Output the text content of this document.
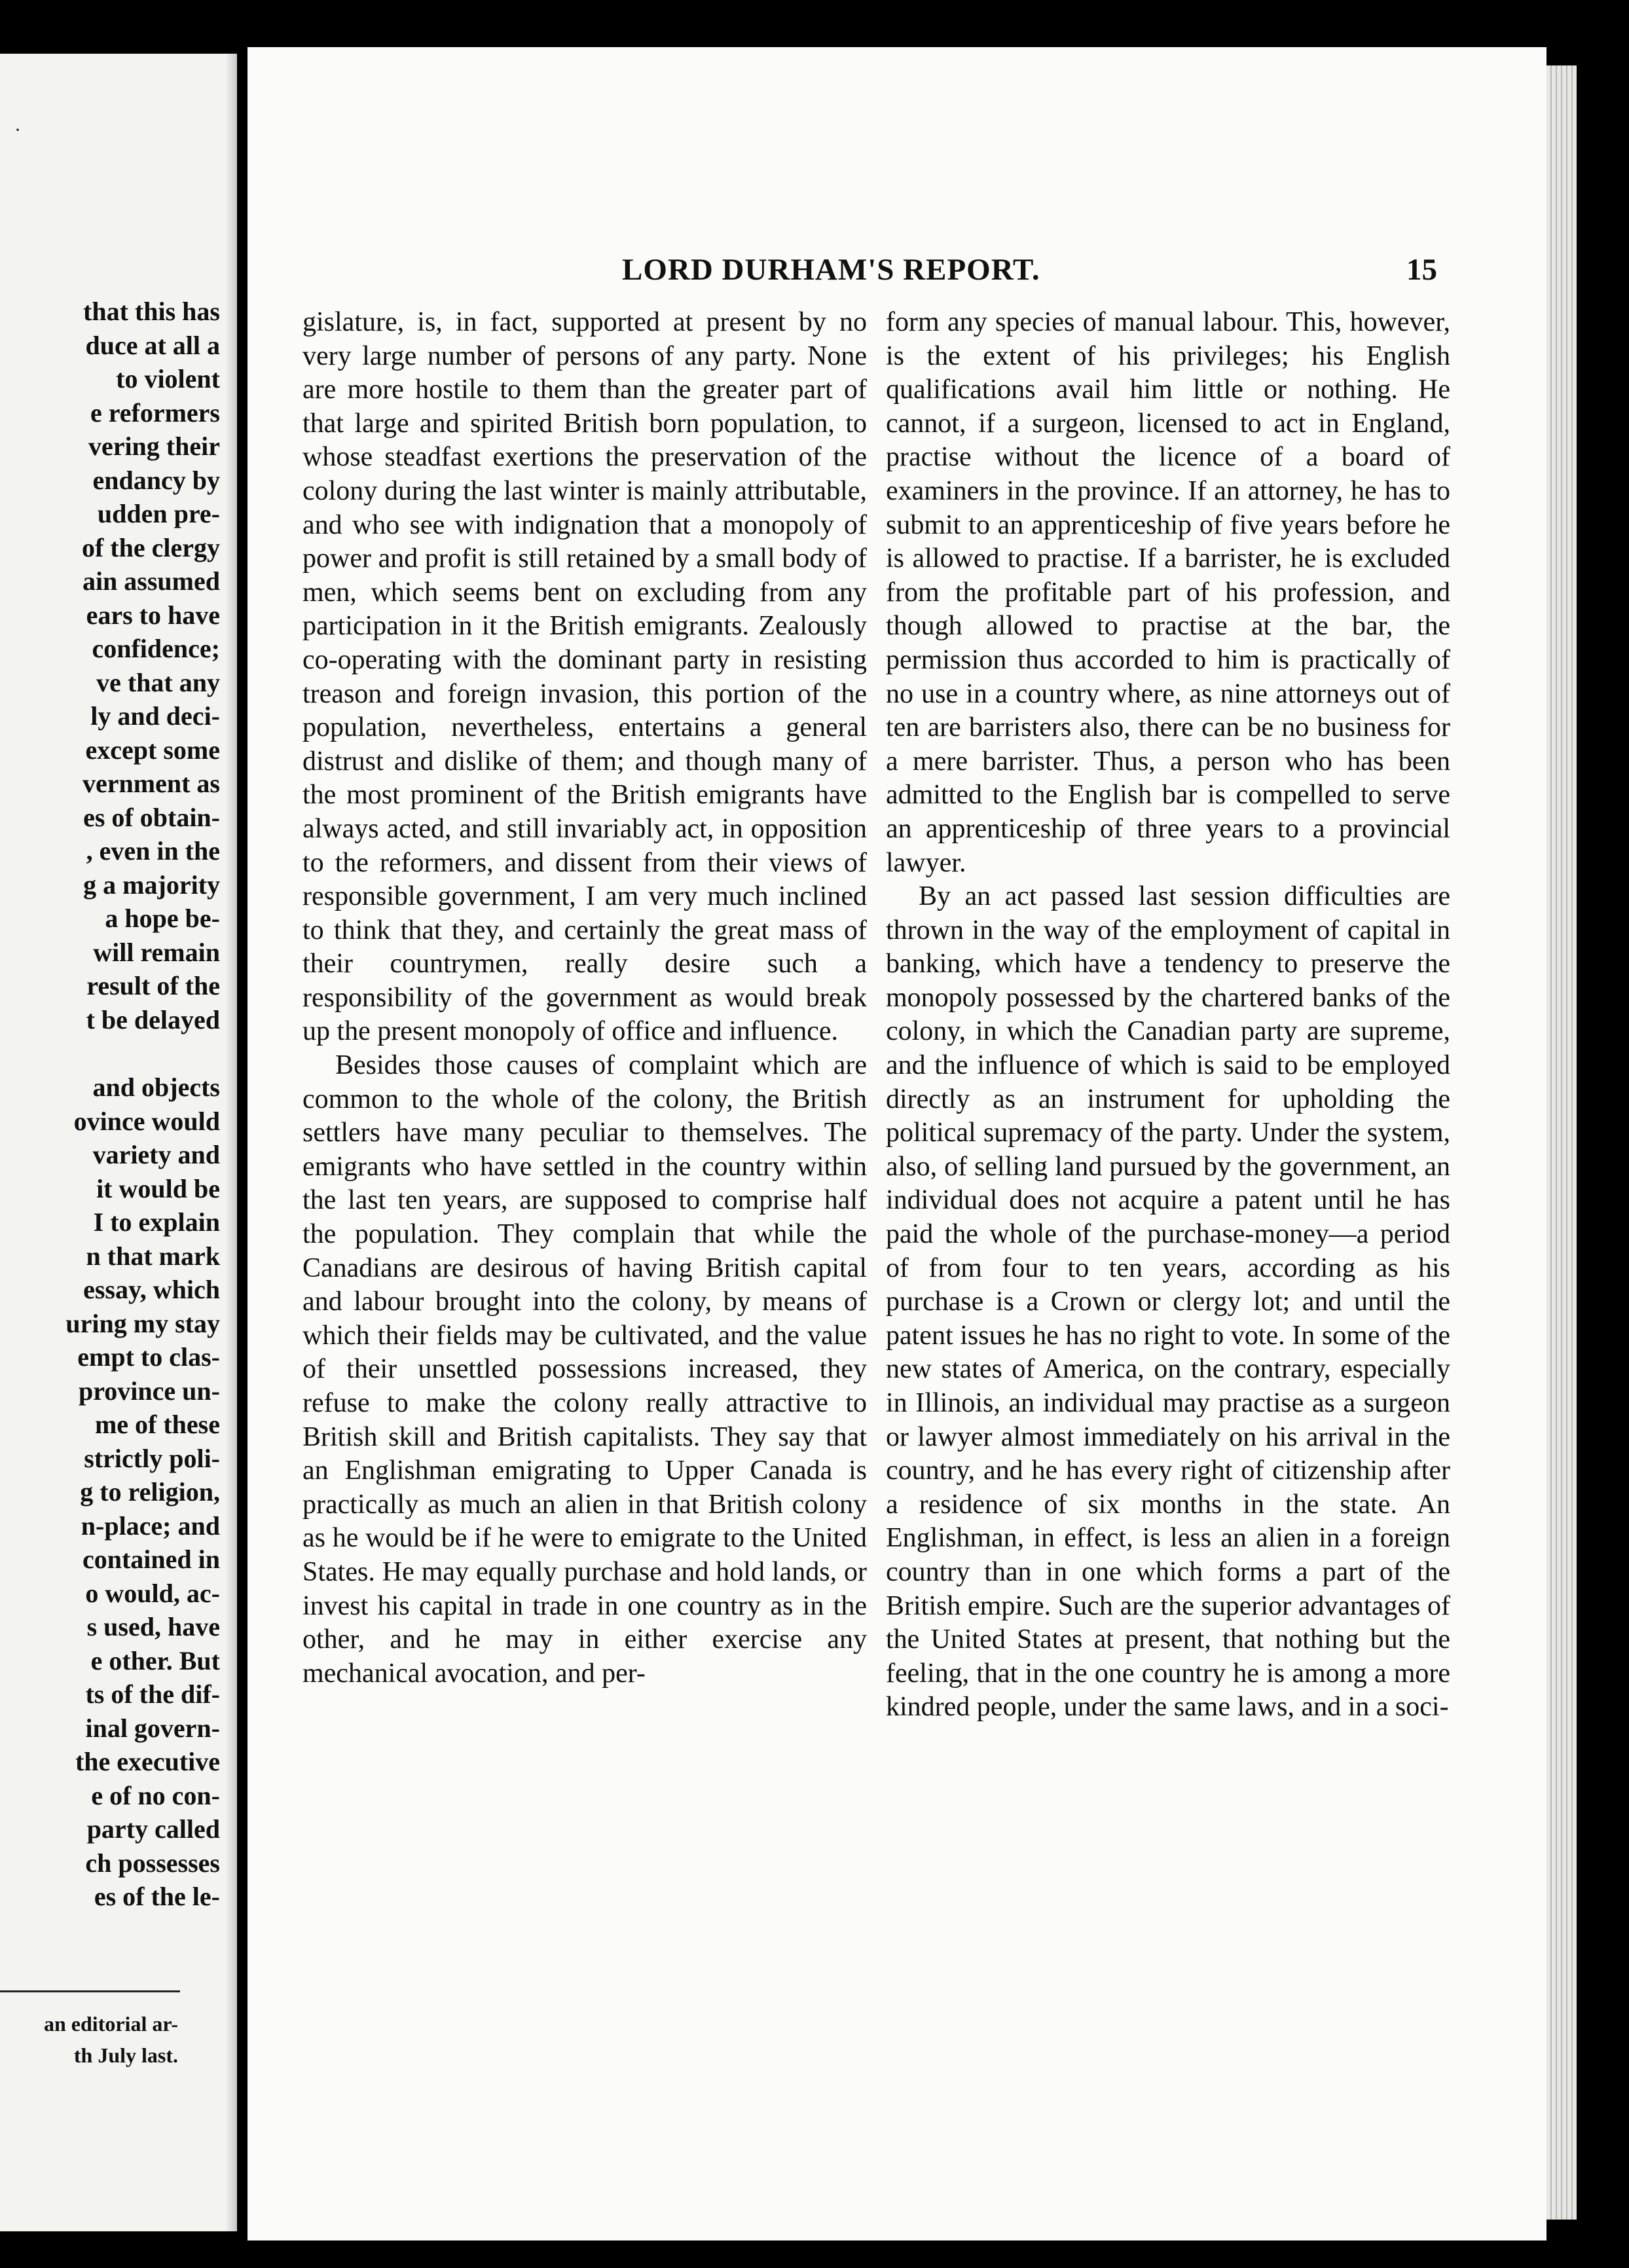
·
that this has
duce at all a
to violent
e reformers
vering their
endancy by
udden pre-
of the clergy
ain assumed
ears to have
confidence;
ve that any
ly and deci-
except some
vernment as
es of obtain-
, even in the
g a majority
a hope be-
will remain
result of the
t be delayed
and objects
ovince would
variety and
it would be
I to explain
n that mark
essay, which
uring my stay
empt to clas-
province un-
me of these
strictly poli-
g to religion,
n-place; and
contained in
o would, ac-
s used, have
e other. But
ts of the dif-
inal govern-
the executive
e of no con-
party called
ch possesses
es of the le-
an editorial ar-
th July last.
LORD DURHAM'S REPORT.	15

gislature, is, in fact, supported at present by no very large number of persons of any party. None are more hostile to them than the greater part of that large and spirited British born population, to whose steadfast exertions the preservation of the colony during the last winter is mainly attributable, and who see with indignation that a monopoly of power and profit is still retained by a small body of men, which seems bent on excluding from any participation in it the British emigrants. Zealously co-operating with the dominant party in resisting treason and foreign invasion, this portion of the population, nevertheless, entertains a general distrust and dislike of them; and though many of the most prominent of the British emigrants have always acted, and still invariably act, in opposition to the reformers, and dissent from their views of responsible government, I am very much inclined to think that they, and certainly the great mass of their countrymen, really desire such a responsibility of the government as would break up the present monopoly of office and influence.

Besides those causes of complaint which are common to the whole of the colony, the British settlers have many peculiar to themselves. The emigrants who have settled in the country within the last ten years, are supposed to comprise half the population. They complain that while the Canadians are desirous of having British capital and labour brought into the colony, by means of which their fields may be cultivated, and the value of their unsettled possessions increased, they refuse to make the colony really attractive to British skill and British capitalists. They say that an Englishman emigrating to Upper Canada is practically as much an alien in that British colony as he would be if he were to emigrate to the United States. He may equally purchase and hold lands, or invest his capital in trade in one country as in the other, and he may in either exercise any mechanical avocation, and per-

form any species of manual labour. This, however, is the extent of his privileges; his English qualifications avail him little or nothing. He cannot, if a surgeon, licensed to act in England, practise without the licence of a board of examiners in the province. If an attorney, he has to submit to an apprenticeship of five years before he is allowed to practise. If a barrister, he is excluded from the profitable part of his profession, and though allowed to practise at the bar, the permission thus accorded to him is practically of no use in a country where, as nine attorneys out of ten are barristers also, there can be no business for a mere barrister. Thus, a person who has been admitted to the English bar is compelled to serve an apprenticeship of three years to a provincial lawyer.

By an act passed last session difficulties are thrown in the way of the employment of capital in banking, which have a tendency to preserve the monopoly possessed by the chartered banks of the colony, in which the Canadian party are supreme, and the influence of which is said to be employed directly as an instrument for upholding the political supremacy of the party. Under the system, also, of selling land pursued by the government, an individual does not acquire a patent until he has paid the whole of the purchase-money—a period of from four to ten years, according as his purchase is a Crown or clergy lot; and until the patent issues he has no right to vote. In some of the new states of America, on the contrary, especially in Illinois, an individual may practise as a surgeon or lawyer almost immediately on his arrival in the country, and he has every right of citizenship after a residence of six months in the state. An Englishman, in effect, is less an alien in a foreign country than in one which forms a part of the British empire. Such are the superior advantages of the United States at present, that nothing but the feeling, that in the one country he is among a more kindred people, under the same laws, and in a soci-
